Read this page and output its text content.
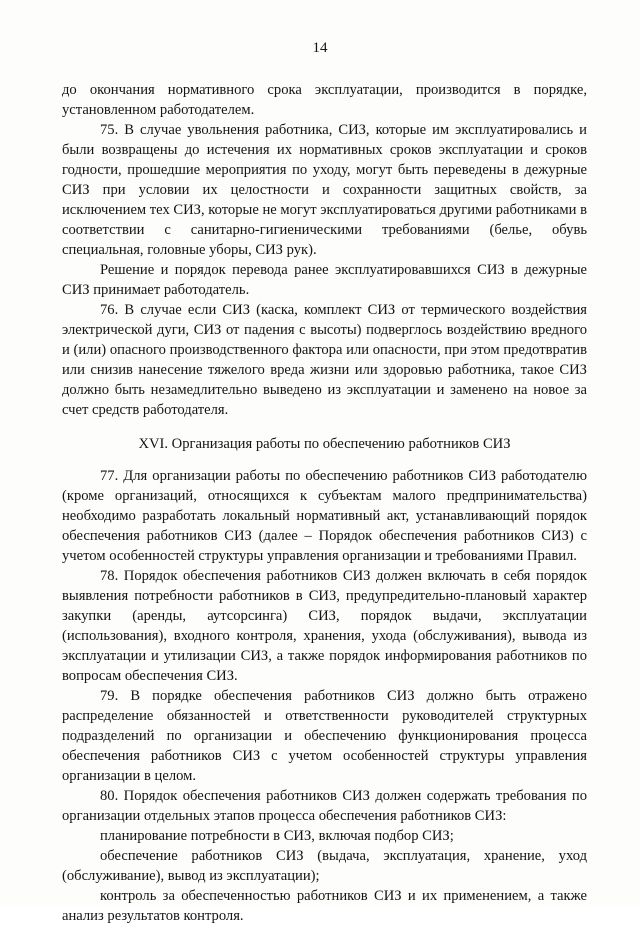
14

до окончания нормативного срока эксплуатации, производится в порядке, установленном работодателем.

75. В случае увольнения работника, СИЗ, которые им эксплуатировались и были возвращены до истечения их нормативных сроков эксплуатации и сроков годности, прошедшие мероприятия по уходу, могут быть переведены в дежурные СИЗ при условии их целостности и сохранности защитных свойств, за исключением тех СИЗ, которые не могут эксплуатироваться другими работниками в соответствии с санитарно-гигиеническими требованиями (белье, обувь специальная, головные уборы, СИЗ рук).

Решение и порядок перевода ранее эксплуатировавшихся СИЗ в дежурные СИЗ принимает работодатель.

76. В случае если СИЗ (каска, комплект СИЗ от термического воздействия электрической дуги, СИЗ от падения с высоты) подверглось воздействию вредного и (или) опасного производственного фактора или опасности, при этом предотвратив или снизив нанесение тяжелого вреда жизни или здоровью работника, такое СИЗ должно быть незамедлительно выведено из эксплуатации и заменено на новое за счет средств работодателя.

XVI. Организация работы по обеспечению работников СИЗ

77. Для организации работы по обеспечению работников СИЗ работодателю (кроме организаций, относящихся к субъектам малого предпринимательства) необходимо разработать локальный нормативный акт, устанавливающий порядок обеспечения работников СИЗ (далее – Порядок обеспечения работников СИЗ) с учетом особенностей структуры управления организации и требованиями Правил.

78. Порядок обеспечения работников СИЗ должен включать в себя порядок выявления потребности работников в СИЗ, предупредительно-плановый характер закупки (аренды, аутсорсинга) СИЗ, порядок выдачи, эксплуатации (использования), входного контроля, хранения, ухода (обслуживания), вывода из эксплуатации и утилизации СИЗ, а также порядок информирования работников по вопросам обеспечения СИЗ.

79. В порядке обеспечения работников СИЗ должно быть отражено распределение обязанностей и ответственности руководителей структурных подразделений по организации и обеспечению функционирования процесса обеспечения работников СИЗ с учетом особенностей структуры управления организации в целом.

80. Порядок обеспечения работников СИЗ должен содержать требования по организации отдельных этапов процесса обеспечения работников СИЗ:

планирование потребности в СИЗ, включая подбор СИЗ;

обеспечение работников СИЗ (выдача, эксплуатация, хранение, уход (обслуживание), вывод из эксплуатации);

контроль за обеспеченностью работников СИЗ и их применением, а также анализ результатов контроля.
